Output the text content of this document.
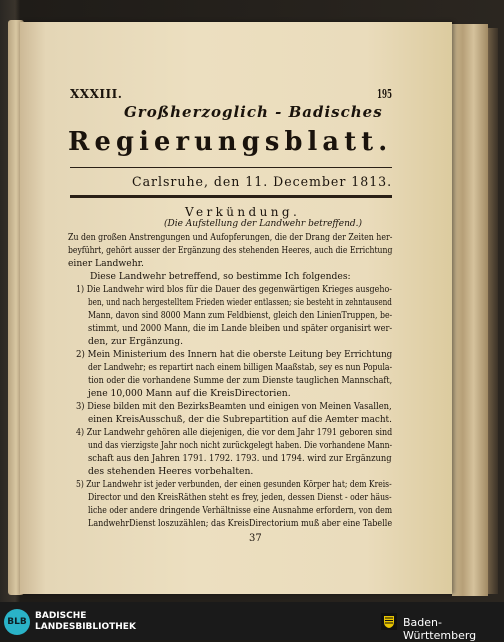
XXXIII.	195
Großherzoglich - Badisches
Regierungsblatt.
Carlsruhe, den 11. December 1813.
Verkündung.
(Die Aufstellung der Landwehr betreffend.)
Zu den großen Anstrengungen und Aufopferungen, die der Drang der Zeiten her-
beyführt, gehört ausser der Ergänzung des stehenden Heeres, auch die Errichtung
einer Landwehr.
Diese Landwehr betreffend, so bestimme Ich folgendes:
1) Die Landwehr wird blos für die Dauer des gegenwärtigen Krieges ausgeho-
ben, und nach hergestelltem Frieden wieder entlassen; sie besteht in zehntausend
Mann, davon sind 8000 Mann zum Feldbienst, gleich den LinienTruppen, be-
stimmt, und 2000 Mann, die im Lande bleiben und später organisirt wer-
den, zur Ergänzung.
2) Mein Ministerium des Innern hat die oberste Leitung bey Errichtung
der Landwehr; es repartirt nach einem billigen Maaßstab, sey es nun Popula-
tion oder die vorhandene Summe der zum Dienste tauglichen Mannschaft,
jene 10,000 Mann auf die KreisDirectorien.
3) Diese bilden mit den BezirksBeamten und einigen von Meinen Vasallen,
einen KreisAusschuß, der die Subrepartition auf die Aemter macht.
4) Zur Landwehr gehören alle diejenigen, die vor dem Jahr 1791 geboren sind
und das vierzigste Jahr noch nicht zurückgelegt haben. Die vorhandene Mann-
schaft aus den Jahren 1791. 1792. 1793. und 1794. wird zur Ergänzung
des stehenden Heeres vorbehalten.
5) Zur Landwehr ist jeder verbunden, der einen gesunden Körper hat; dem Kreis-
Director und den KreisRäthen steht es frey, jeden, dessen Dienst - oder häus-
liche oder andere dringende Verhältnisse eine Ausnahme erfordern, von dem
LandwehrDienst loszuzählen; das KreisDirectorium muß aber eine Tabelle
37
BLB
BADISCHE
LANDESBIBLIOTHEK	Baden-Württemberg
